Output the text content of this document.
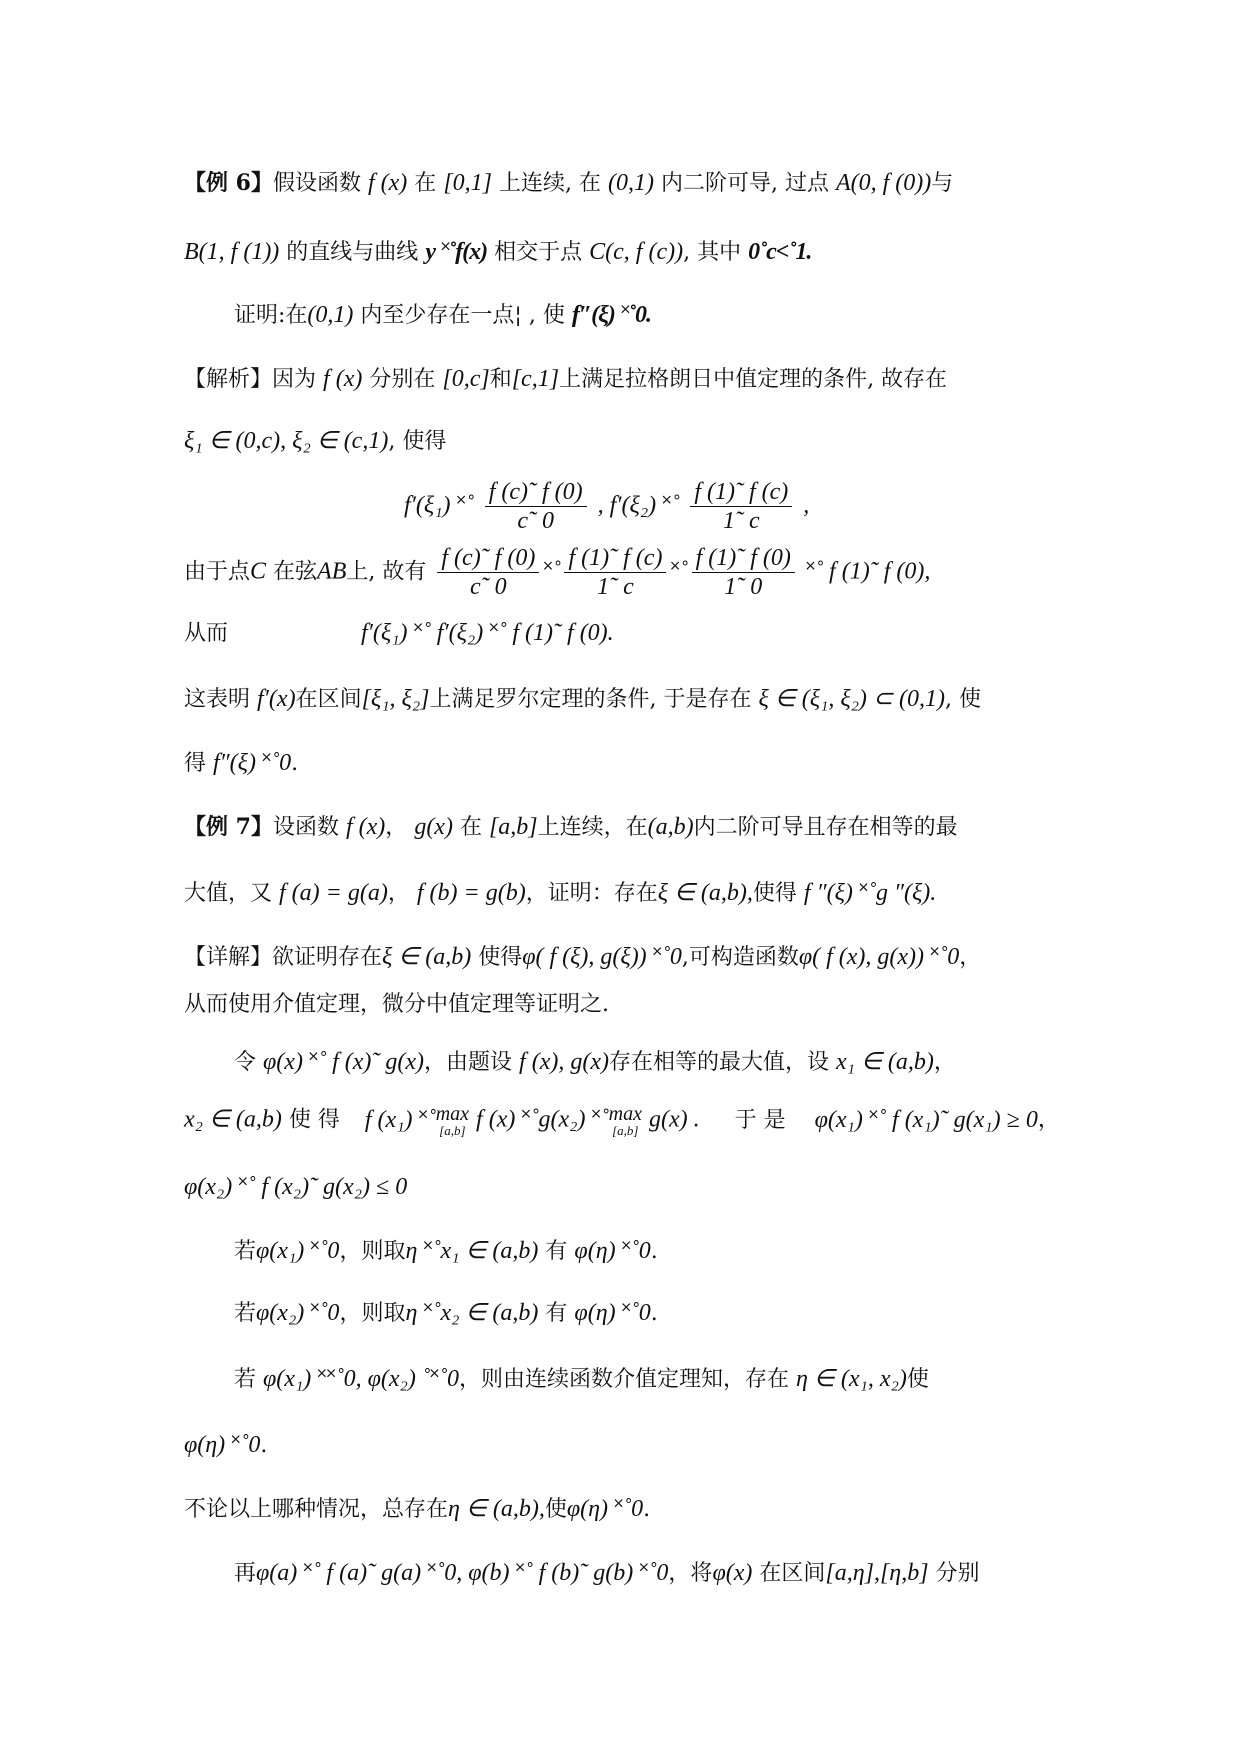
【例 6】假设函数 f (x) 在 [0,1] 上连续, 在 (0,1) 内二阶可导, 过点 A(0, f (0))与
B(1, f (1)) 的直线与曲线 y ˟˚f(x) 相交于点 C(c, f (c)), 其中 0˚c˂˚1.
证明:在(0,1) 内至少存在一点¦ , 使 f″(ξ) ˟˚0.
【解析】因为 f (x) 分别在 [0,c]和[c,1]上满足拉格朗日中值定理的条件, 故存在
ξ₁ ∈ (0,c), ξ₂ ∈ (c,1), 使得
f′(ξ₁) ˟˚ $\frac{f (c)˜ f (0)}{c˜ 0}$ , f′(ξ₂) ˟˚ $\frac{f (1)˜ f (c)}{1˜ c}$ ,
由于点C 在弦AB上, 故有 $\frac{f (c)˜ f (0)}{c˜ 0}$ ˟˚ $\frac{f (1)˜ f (c)}{1˜ c}$ ˟˚ $\frac{f (1)˜ f (0)}{1˜ 0}$ ˟˚ f (1)˜ f (0),
从而	f′(ξ₁) ˟˚ f′(ξ₂) ˟˚ f (1)˜ f (0).
这表明 f′(x)在区间[ξ₁, ξ₂]上满足罗尔定理的条件, 于是存在 ξ ∈ (ξ₁, ξ₂) ⊂ (0,1), 使
得 f″(ξ) ˟˚0.
【例 7】设函数 f (x)， g(x) 在 [a,b]上连续，在(a,b)内二阶可导且存在相等的最
大值，又 f (a) = g(a)， f (b) = g(b)，证明：存在ξ ∈ (a,b),使得 f ″(ξ) ˟˚g ″(ξ).
【详解】欲证明存在ξ ∈ (a,b) 使得φ( f (ξ), g(ξ)) ˟˚0,可构造函数φ( f (x), g(x)) ˟˚0，
从而使用介值定理，微分中值定理等证明之.
令 φ(x) ˟˚ f (x)˜ g(x)，由题设 f (x), g(x)存在相等的最大值，设 x₁ ∈ (a,b)，
x₂ ∈ (a,b) 使 得 f (x₁) ˟˚max
[a,b] f (x) ˟˚g(x₂) ˟˚max
[a,b] g(x) . 于 是 φ(x₁) ˟˚ f (x₁)˜ g(x₁) ≥ 0，
φ(x₂) ˟˚ f (x₂)˜ g(x₂) ≤ 0
若φ(x₁) ˟˚0，则取η ˟˚x₁ ∈ (a,b) 有 φ(η) ˟˚0.
若φ(x₂) ˟˚0，则取η ˟˚x₂ ∈ (a,b) 有 φ(η) ˟˚0.
若 φ(x₁) ˟˟˚0, φ(x₂) ˚˟˚0，则由连续函数介值定理知，存在 η ∈ (x₁, x₂)使
φ(η) ˟˚0.
不论以上哪种情况，总存在η ∈ (a,b),使φ(η) ˟˚0.
再φ(a) ˟˚ f (a)˜ g(a) ˟˚0, φ(b) ˟˚ f (b)˜ g(b) ˟˚0，将φ(x) 在区间[a,η],[η,b] 分别
